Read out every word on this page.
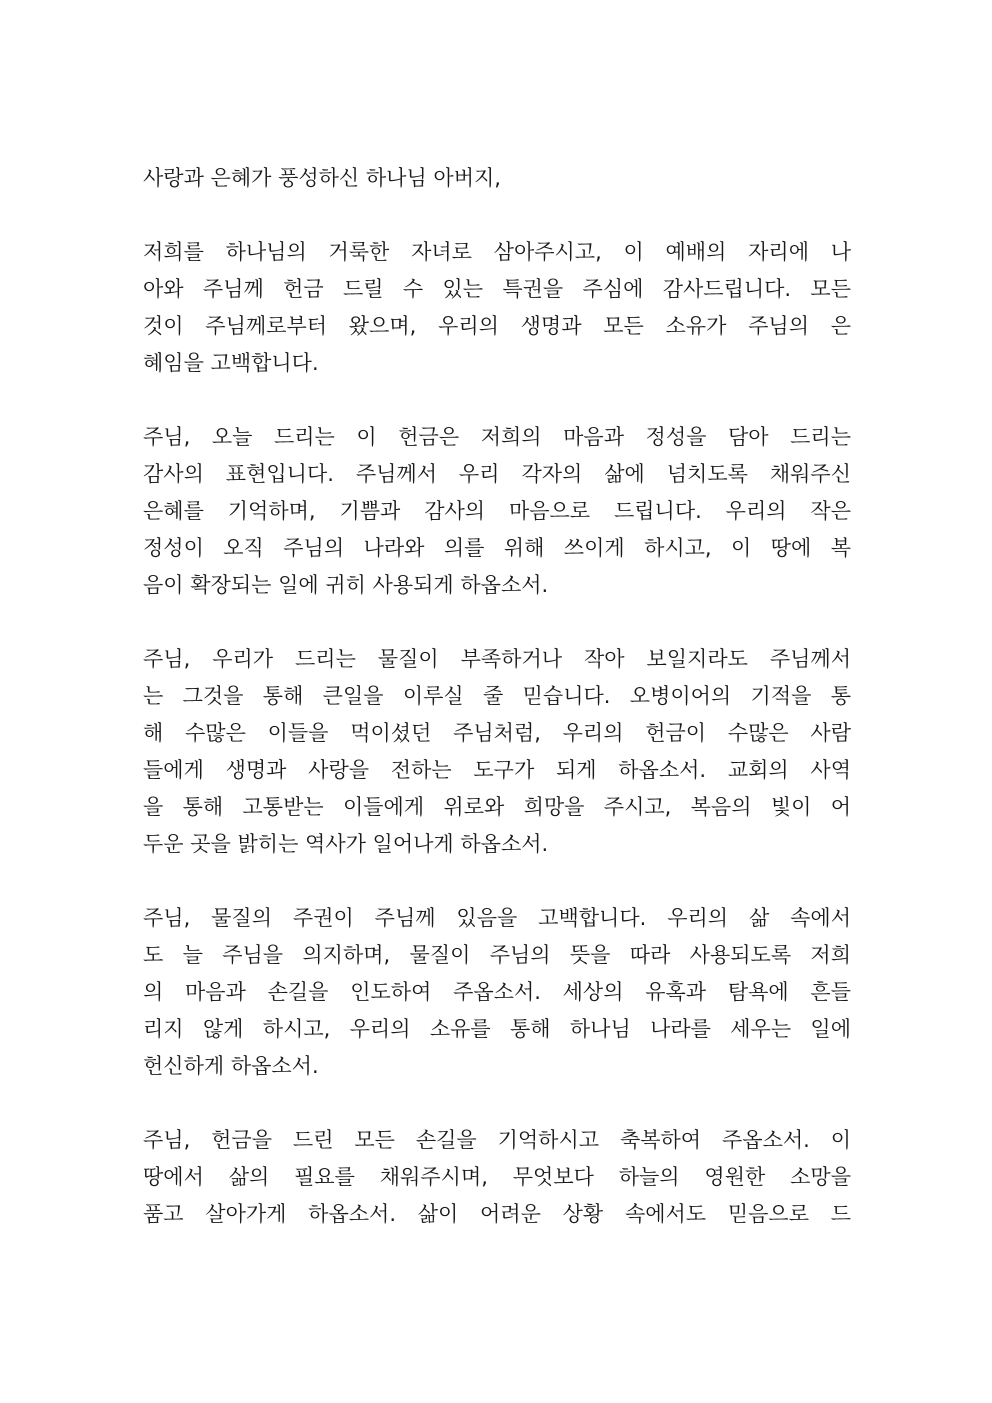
사랑과 은혜가 풍성하신 하나님 아버지,
저희를 하나님의 거룩한 자녀로 삼아주시고, 이 예배의 자리에 나
아와 주님께 헌금 드릴 수 있는 특권을 주심에 감사드립니다. 모든
것이 주님께로부터 왔으며, 우리의 생명과 모든 소유가 주님의 은
혜임을 고백합니다.
주님, 오늘 드리는 이 헌금은 저희의 마음과 정성을 담아 드리는
감사의 표현입니다. 주님께서 우리 각자의 삶에 넘치도록 채워주신
은혜를 기억하며, 기쁨과 감사의 마음으로 드립니다. 우리의 작은
정성이 오직 주님의 나라와 의를 위해 쓰이게 하시고, 이 땅에 복
음이 확장되는 일에 귀히 사용되게 하옵소서.
주님, 우리가 드리는 물질이 부족하거나 작아 보일지라도 주님께서
는 그것을 통해 큰일을 이루실 줄 믿습니다. 오병이어의 기적을 통
해 수많은 이들을 먹이셨던 주님처럼, 우리의 헌금이 수많은 사람
들에게 생명과 사랑을 전하는 도구가 되게 하옵소서. 교회의 사역
을 통해 고통받는 이들에게 위로와 희망을 주시고, 복음의 빛이 어
두운 곳을 밝히는 역사가 일어나게 하옵소서.
주님, 물질의 주권이 주님께 있음을 고백합니다. 우리의 삶 속에서
도 늘 주님을 의지하며, 물질이 주님의 뜻을 따라 사용되도록 저희
의 마음과 손길을 인도하여 주옵소서. 세상의 유혹과 탐욕에 흔들
리지 않게 하시고, 우리의 소유를 통해 하나님 나라를 세우는 일에
헌신하게 하옵소서.
주님, 헌금을 드린 모든 손길을 기억하시고 축복하여 주옵소서. 이
땅에서 삶의 필요를 채워주시며, 무엇보다 하늘의 영원한 소망을
품고 살아가게 하옵소서. 삶이 어려운 상황 속에서도 믿음으로 드
